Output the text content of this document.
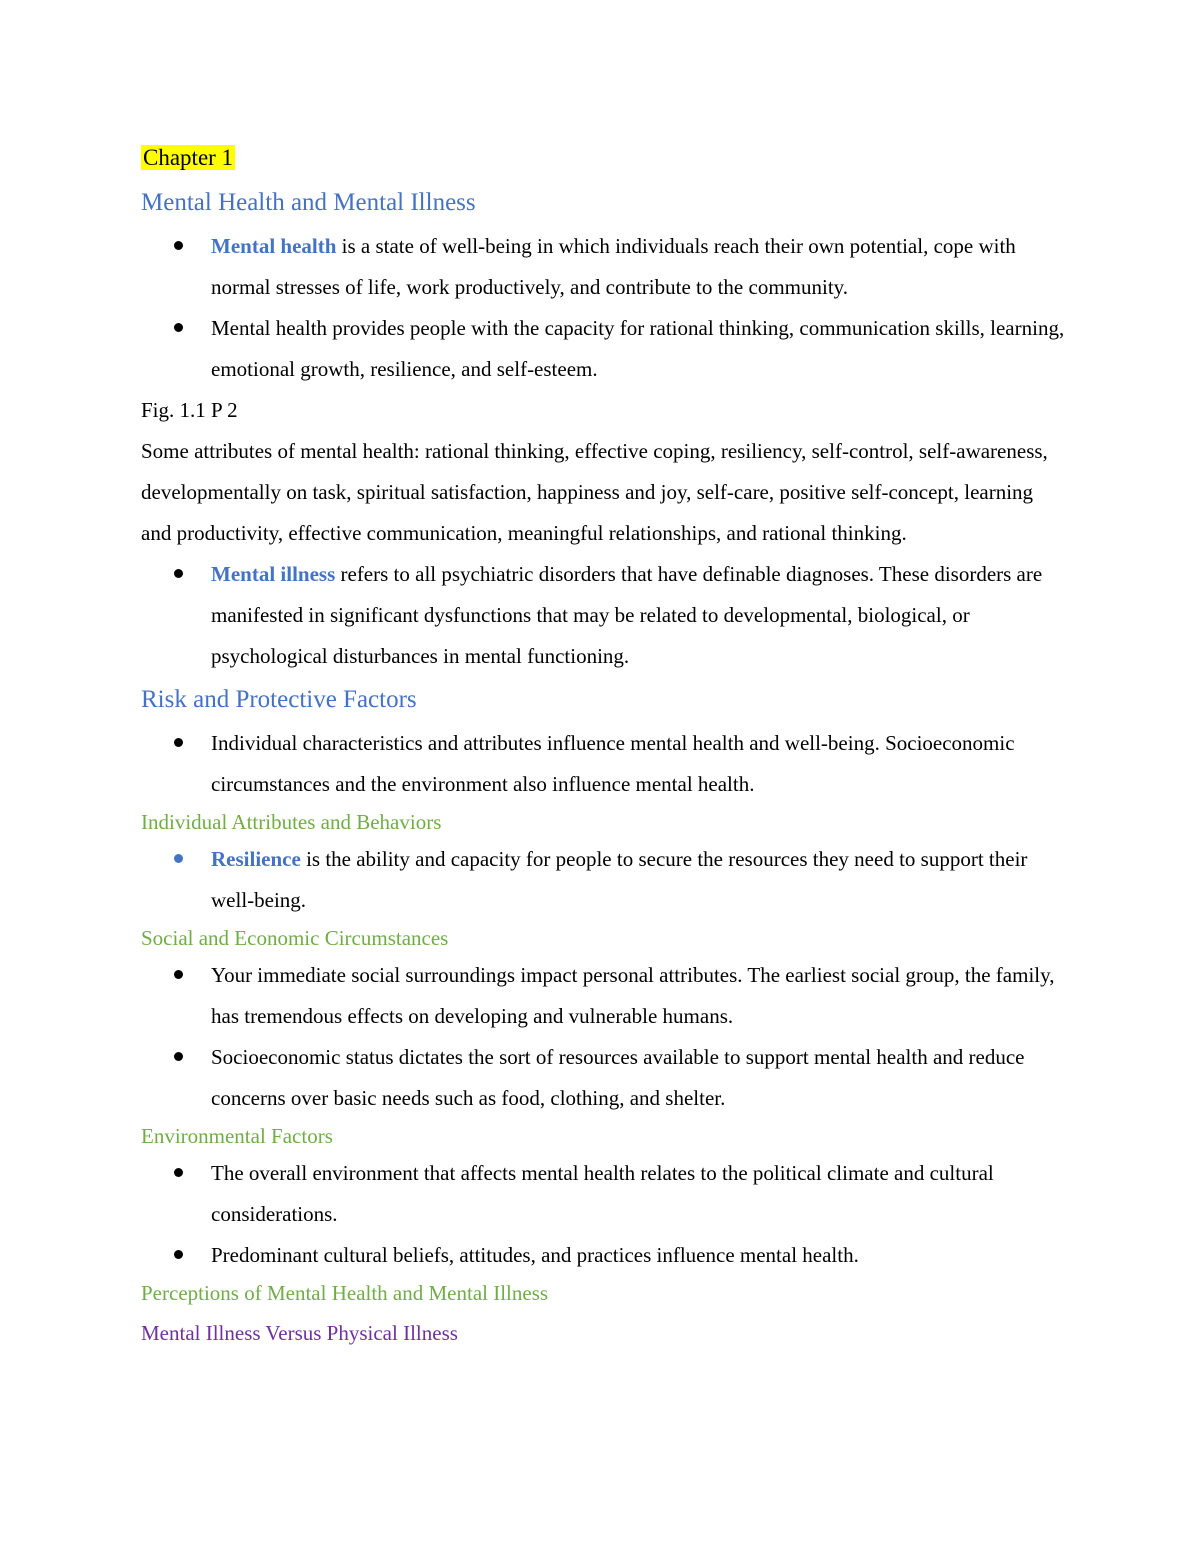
Chapter 1
Mental Health and Mental Illness
Mental health is a state of well-being in which individuals reach their own potential, cope with normal stresses of life, work productively, and contribute to the community.
Mental health provides people with the capacity for rational thinking, communication skills, learning, emotional growth, resilience, and self-esteem.

Fig. 1.1 P 2

Some attributes of mental health: rational thinking, effective coping, resiliency, self-control, self-awareness, developmentally on task, spiritual satisfaction, happiness and joy, self-care, positive self-concept, learning and productivity, effective communication, meaningful relationships, and rational thinking.

Mental illness refers to all psychiatric disorders that have definable diagnoses. These disorders are manifested in significant dysfunctions that may be related to developmental, biological, or psychological disturbances in mental functioning.
Risk and Protective Factors
Individual characteristics and attributes influence mental health and well-being. Socioeconomic circumstances and the environment also influence mental health.
Individual Attributes and Behaviors
Resilience is the ability and capacity for people to secure the resources they need to support their well-being.
Social and Economic Circumstances
Your immediate social surroundings impact personal attributes. The earliest social group, the family, has tremendous effects on developing and vulnerable humans.
Socioeconomic status dictates the sort of resources available to support mental health and reduce concerns over basic needs such as food, clothing, and shelter.
Environmental Factors
The overall environment that affects mental health relates to the political climate and cultural considerations.
Predominant cultural beliefs, attitudes, and practices influence mental health.
Perceptions of Mental Health and Mental Illness
Mental Illness Versus Physical Illness
